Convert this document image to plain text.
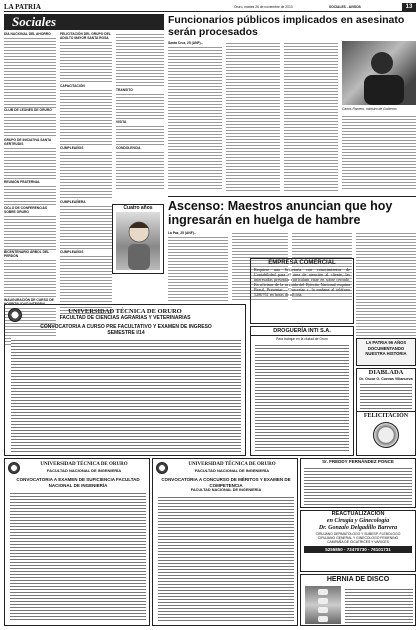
LA PATRIA	Oruro, martes 26 de noviembre de 2013	SOCIALES - AVISOS	13
Sociales
DÍA NACIONAL DEL AHORRO
CLUB DE LEONES DE ORURO
GRUPO DE INICIATIVA SANTA GERTRUDIS
REUNIÓN FRATERNAL
CICLO DE CONFERENCIAS SOBRE ORURO
BICENTENARIO ÁRBOL DEL PERDÓN
INAUGURACIÓN DE CURSO DE HOSPITALIDAD INTEGRAL
FELICITACIÓN DEL GRUPO DEL ADULTO MAYOR SANTA ROSA
CAPACITACIÓN
CUMPLEAÑOS
CUMPLEAÑERA
CUMPLEAÑOS
TRANSITO
VISITA
CONDOLENCIA
Funcionarios públicos implicados en asesinato serán procesados
Santa Cruz, 25 (ANF).-
Carlos Romero, ministro de Gobierno
Ascenso: Maestros anuncian que hoy ingresarán en huelga de hambre
La Paz, 25 (ANF).-
Cuatro años
LA PATRIA 96 AÑOS DOCUMENTANDO NUESTRA HISTORIA
UNIVERSIDAD TÉCNICA DE ORURO
FACULTAD DE CIENCIAS AGRARIAS Y VETERINARIAS
CONVOCATORIA A CURSO PRE FACULTATIVO Y EXAMEN DE INGRESO
SEMESTRE I/14
EMPRESA COMERCIAL
Requiere una Secretaria con conocimientos de Contabilidad para el área de atención al cliente, las interesadas presentar currículum vitae en sobre cerrado. En oficinas de la avenida del Ejército Nacional esquina Brasil, Presentar – Concretar c. la mañana al teléfono 5280761 en horas de oficina.
DROGUERÍA INTI S.A.
Para trabajar en la ciudad de Oruro
DIABLADA
Dr. Oscar O. Coevas Villanueva
FELICITACIÓN
Sr. FREDDY FERNÁNDEZ PONCE
UNIVERSIDAD TÉCNICA DE ORURO
FACULTAD NACIONAL DE INGENIERÍA
CONVOCATORIA A EXAMEN DE SUFICIENCIA FACULTAD NACIONAL DE INGENIERÍA
UNIVERSIDAD TÉCNICA DE ORURO
FACULTAD NACIONAL DE INGENIERÍA
CONVOCATORIA A CONCURSO DE MÉRITOS Y EXAMEN DE COMPETENCIA
FACULTAD NACIONAL DE INGENIERÍA
REACTUALIZACIÓN
en Cirugía y Ginecología
Dr. Gonzalo Delgadillo Barrera
CIRUJANO DERMATOLOGO Y SUBESP. FLEBOLOGO
CIRUJANO GENERAL Y GINECOLOGO FEMENINO
CAMPAÑA DE CICATRICES Y VARICES
5255850 - 72470730 - 76101731
HERNIA DE DISCO
